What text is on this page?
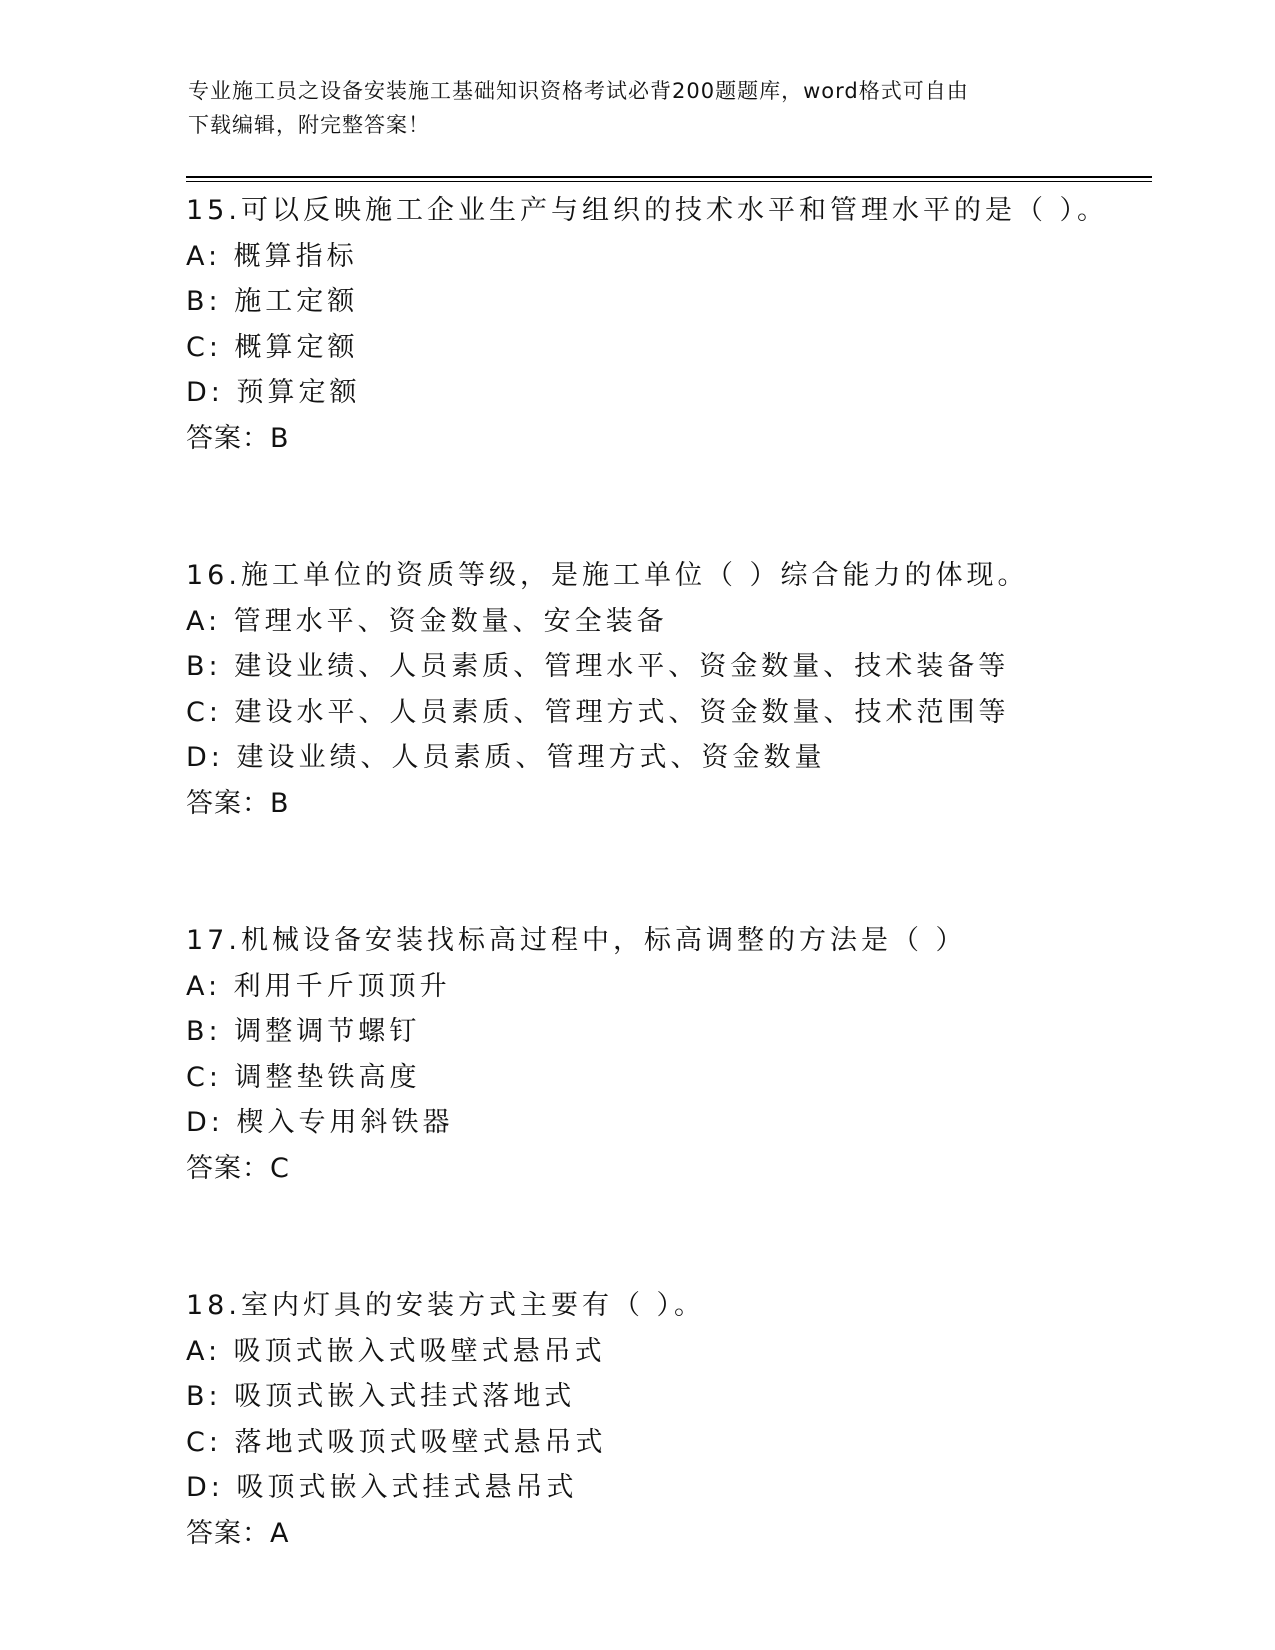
专业施工员之设备安装施工基础知识资格考试必背200题题库，word格式可自由
下载编辑，附完整答案！
15.可以反映施工企业生产与组织的技术水平和管理水平的是（ ）。
A: 概算指标
B: 施工定额
C: 概算定额
D: 预算定额
答案：B
16.施工单位的资质等级，是施工单位（ ）综合能力的体现。
A: 管理水平、资金数量、安全装备
B: 建设业绩、人员素质、管理水平、资金数量、技术装备等
C: 建设水平、人员素质、管理方式、资金数量、技术范围等
D: 建设业绩、人员素质、管理方式、资金数量
答案：B
17.机械设备安装找标高过程中，标高调整的方法是（ ）
A: 利用千斤顶顶升
B: 调整调节螺钉
C: 调整垫铁高度
D: 楔入专用斜铁器
答案：C
18.室内灯具的安装方式主要有（ ）。
A: 吸顶式嵌入式吸壁式悬吊式
B: 吸顶式嵌入式挂式落地式
C: 落地式吸顶式吸壁式悬吊式
D: 吸顶式嵌入式挂式悬吊式
答案：A
